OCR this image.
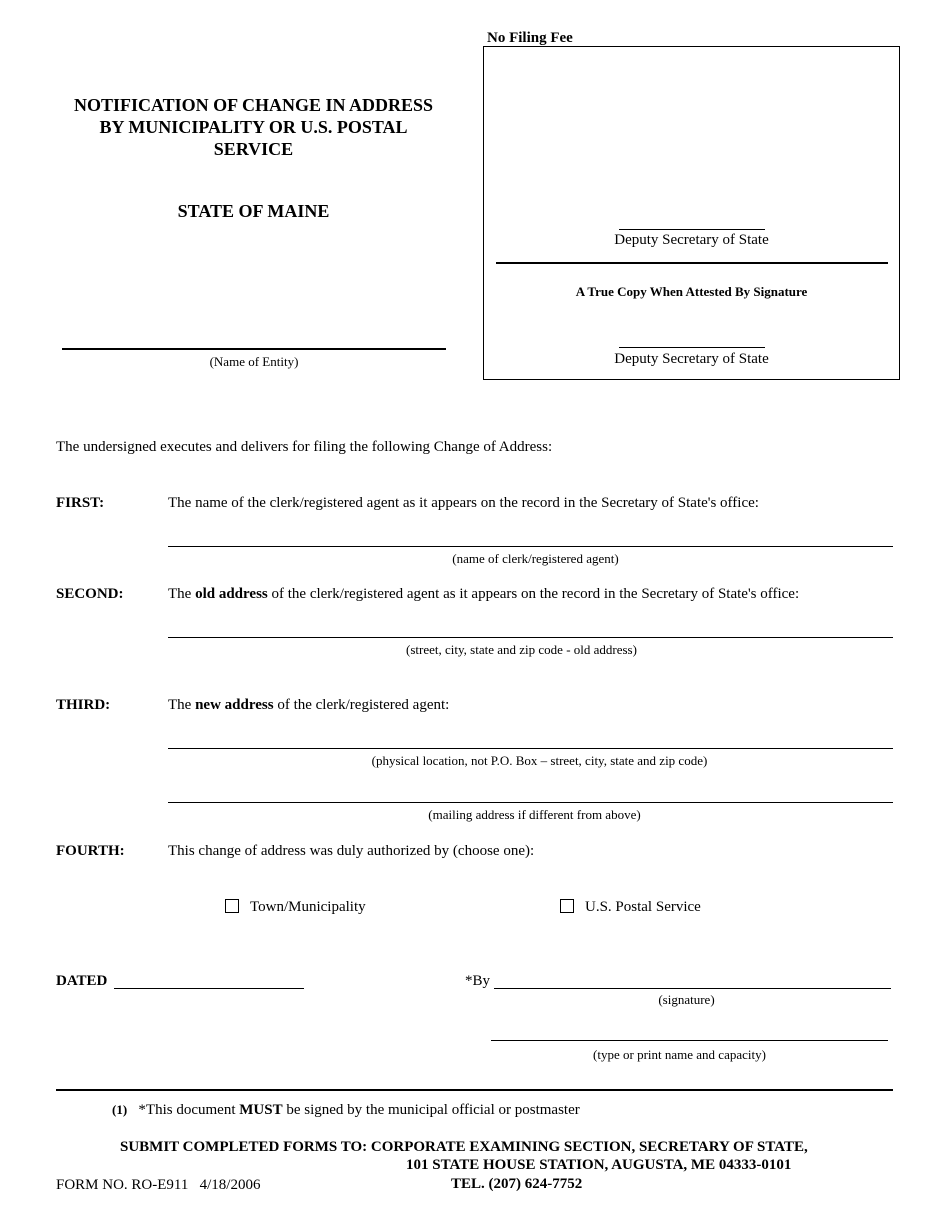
No Filing Fee
NOTIFICATION OF CHANGE IN ADDRESS
BY MUNICIPALITY OR U.S. POSTAL
SERVICE
STATE OF MAINE
(Name of Entity)
Deputy Secretary of State
A True Copy When Attested By Signature
Deputy Secretary of State
The undersigned executes and delivers for filing the following Change of Address:
FIRST:	The name of the clerk/registered agent as it appears on the record in the Secretary of State's office:
(name of clerk/registered agent)
SECOND:	The old address of the clerk/registered agent as it appears on the record in the Secretary of State's office:
(street, city, state and zip code - old address)
THIRD:	The new address of the clerk/registered agent:
(physical location, not P.O. Box – street, city, state and zip code)
(mailing address if different from above)
FOURTH:	This change of address was duly authorized by (choose one):
Town/Municipality	U.S. Postal Service
DATED	*By
(signature)
(type or print name and capacity)
(1) *This document MUST be signed by the municipal official or postmaster
SUBMIT COMPLETED FORMS TO: CORPORATE EXAMINING SECTION, SECRETARY OF STATE,
101 STATE HOUSE STATION, AUGUSTA, ME 04333-0101
TEL. (207) 624-7752
FORM NO. RO-E911   4/18/2006
